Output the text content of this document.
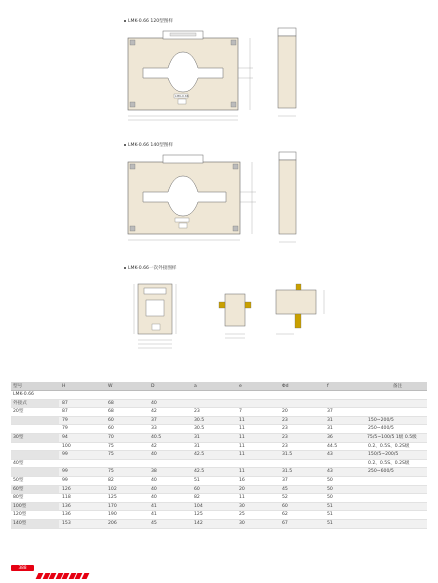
LMK-0.66 120型图样
LMK-0.66
LMK-0.66 140型图样
LMK-0.66一次外接图样
型号	H	W	D	a	e	Φd	f	备注
LMK-0.66								
外接式	87	68	40					
20型	87	68	42	23	7	20	37	
	79	60	37	30.5	11	23	31	150~200/5
	79	60	33	30.5	11	23	31	250~400/5
30型	94	70	40.5	31	11	23	36	75/5~100/5 1级 0.5级
	100	75	42	31	11	23	44.5	0.2、0.5S、0.2S级
	99	75	40	42.5	11	31.5	43	150/5~200/5
40型								0.2、0.5S、0.2S级
	99	75	38	42.5	11	31.5	43	250~600/5
50型	99	82	40	51	16	37	50	
60型	126	102	40	60	20	45	50	
80型	118	125	40	82	11	52	50	
100型	136	170	41	104	30	60	51	
120型	136	190	41	125	25	62	51	
140型	153	206	45	142	30	67	51	
388
